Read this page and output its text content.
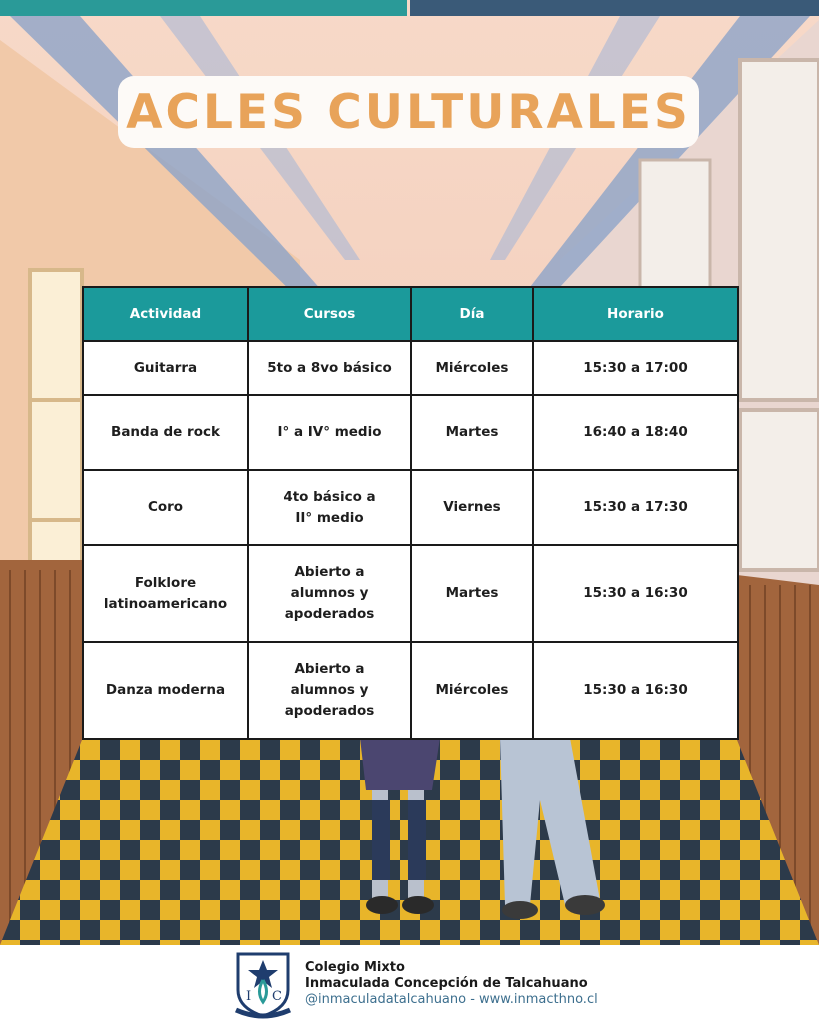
ACLES CULTURALES
Actividad	Cursos	Día	Horario
Guitarra	5to a 8vo básico	Miércoles	15:30 a 17:00
Banda de rock	I° a IV° medio	Martes	16:40 a 18:40
Coro	4to básico a II° medio	Viernes	15:30 a 17:30
Folklore latinoamericano	Abierto a alumnos y apoderados	Martes	15:30 a 16:30
Danza moderna	Abierto a alumnos y apoderados	Miércoles	15:30 a 16:30
I C
Colegio Mixto
Inmaculada Concepción de Talcahuano
@inmaculadatalcahuano - www.inmacthno.cl
